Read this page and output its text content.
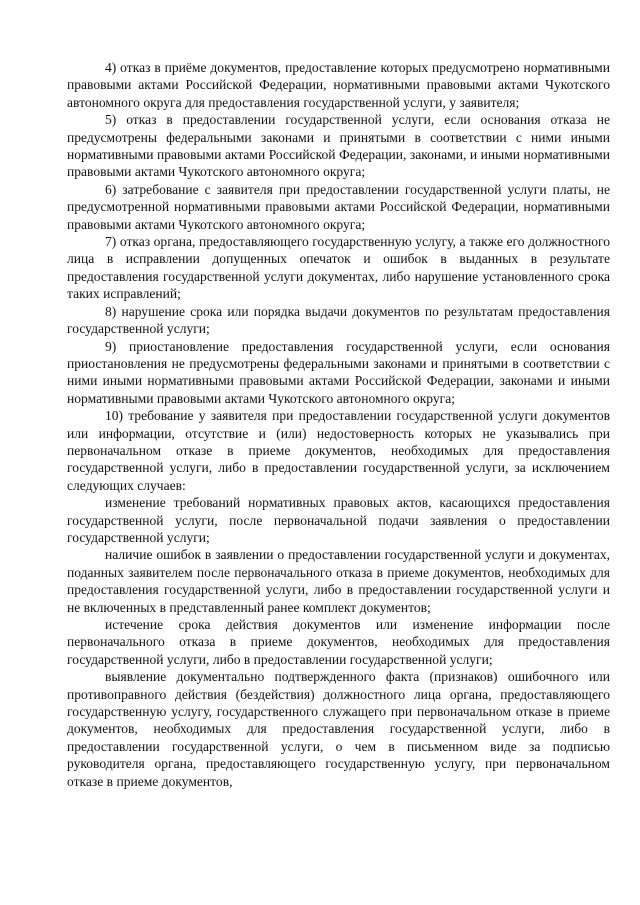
4) отказ в приёме документов, предоставление которых предусмотрено нормативными правовыми актами Российской Федерации, нормативными правовыми актами Чукотского автономного округа для предоставления государственной услуги, у заявителя;

5) отказ в предоставлении государственной услуги, если основания отказа не предусмотрены федеральными законами и принятыми в соответствии с ними иными нормативными правовыми актами Российской Федерации, законами, и иными нормативными правовыми актами Чукотского автономного округа;

6) затребование с заявителя при предоставлении государственной услуги платы, не предусмотренной нормативными правовыми актами Российской Федерации, нормативными правовыми актами Чукотского автономного округа;

7) отказ органа, предоставляющего государственную услугу, а также его должностного лица в исправлении допущенных опечаток и ошибок в выданных в результате предоставления государственной услуги документах, либо нарушение установленного срока таких исправлений;

8) нарушение срока или порядка выдачи документов по результатам предоставления государственной услуги;

9) приостановление предоставления государственной услуги, если основания приостановления не предусмотрены федеральными законами и принятыми в соответствии с ними иными нормативными правовыми актами Российской Федерации, законами и иными нормативными правовыми актами Чукотского автономного округа;

10) требование у заявителя при предоставлении государственной услуги документов или информации, отсутствие и (или) недостоверность которых не указывались при первоначальном отказе в приеме документов, необходимых для предоставления государственной услуги, либо в предоставлении государственной услуги, за исключением следующих случаев:

изменение требований нормативных правовых актов, касающихся предоставления государственной услуги, после первоначальной подачи заявления о предоставлении государственной услуги;

наличие ошибок в заявлении о предоставлении государственной услуги и документах, поданных заявителем после первоначального отказа в приеме документов, необходимых для предоставления государственной услуги, либо в предоставлении государственной услуги и не включенных в представленный ранее комплект документов;

истечение срока действия документов или изменение информации после первоначального отказа в приеме документов, необходимых для предоставления государственной услуги, либо в предоставлении государственной услуги;

выявление документально подтвержденного факта (признаков) ошибочного или противоправного действия (бездействия) должностного лица органа, предоставляющего государственную услугу, государственного служащего при первоначальном отказе в приеме документов, необходимых для предоставления государственной услуги, либо в предоставлении государственной услуги, о чем в письменном виде за подписью руководителя органа, предоставляющего государственную услугу, при первоначальном отказе в приеме документов,
